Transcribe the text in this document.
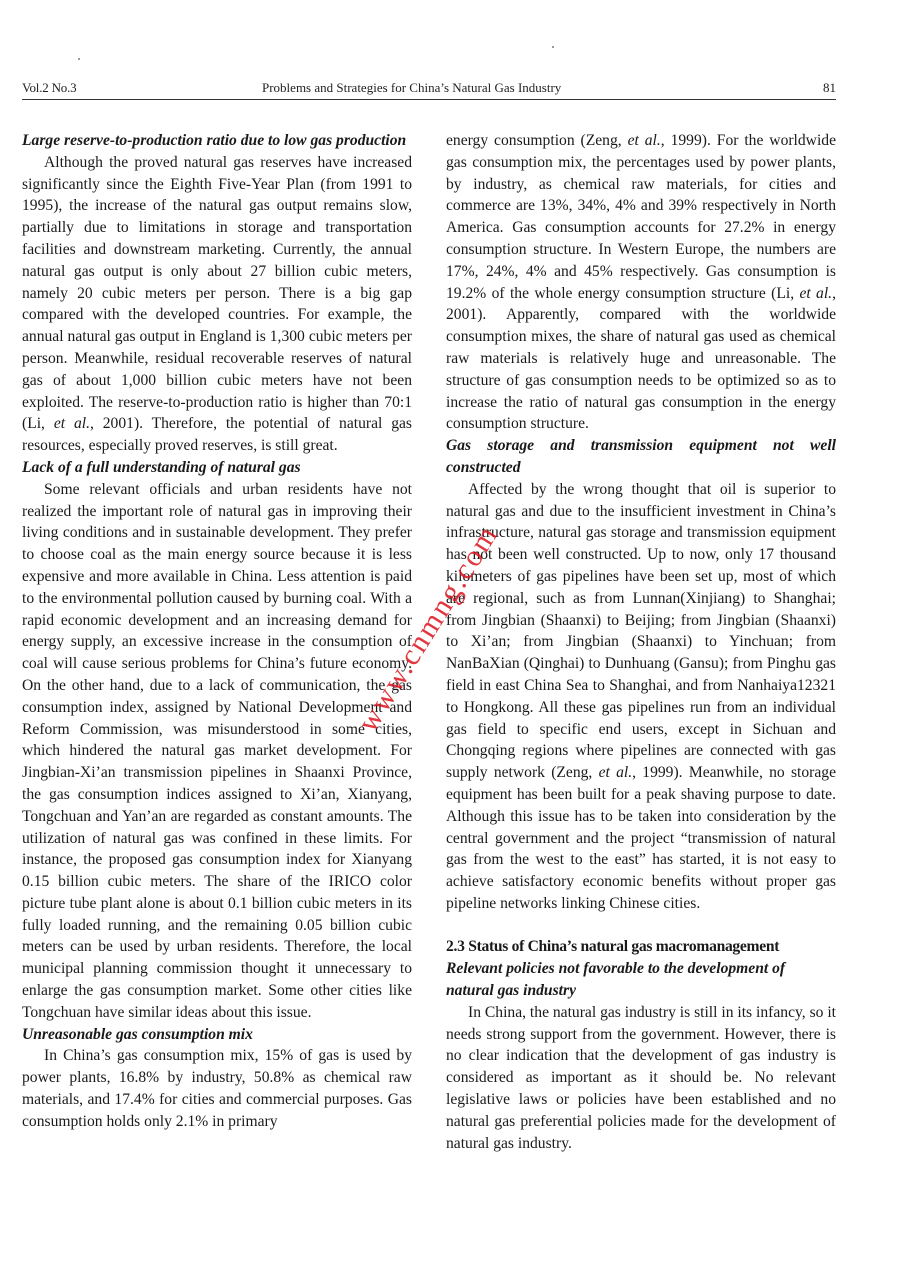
Vol.2 No.3	Problems and Strategies for China’s Natural Gas Industry	81
Large reserve-to-production ratio due to low gas production

Although the proved natural gas reserves have increased significantly since the Eighth Five-Year Plan (from 1991 to 1995), the increase of the natural gas output remains slow, partially due to limitations in storage and transportation facilities and downstream marketing. Currently, the annual natural gas output is only about 27 billion cubic meters, namely 20 cubic meters per person. There is a big gap compared with the developed countries. For example, the annual natural gas output in England is 1,300 cubic meters per person. Meanwhile, residual recoverable reserves of natural gas of about 1,000 billion cubic meters have not been exploited. The reserve-to-production ratio is higher than 70:1 (Li, et al., 2001). Therefore, the potential of natural gas resources, especially proved reserves, is still great.

Lack of a full understanding of natural gas

Some relevant officials and urban residents have not realized the important role of natural gas in improving their living conditions and in sustainable development. They prefer to choose coal as the main energy source because it is less expensive and more available in China. Less attention is paid to the environmental pollution caused by burning coal. With a rapid economic development and an increasing demand for energy supply, an excessive increase in the consumption of coal will cause serious problems for China’s future economy. On the other hand, due to a lack of communication, the gas consumption index, assigned by National Development and Reform Commission, was misunderstood in some cities, which hindered the natural gas market development. For Jingbian-Xi’an transmission pipelines in Shaanxi Province, the gas consumption indices assigned to Xi’an, Xianyang, Tongchuan and Yan’an are regarded as constant amounts. The utilization of natural gas was confined in these limits. For instance, the proposed gas consumption index for Xianyang 0.15 billion cubic meters. The share of the IRICO color picture tube plant alone is about 0.1 billion cubic meters in its fully loaded running, and the remaining 0.05 billion cubic meters can be used by urban residents. Therefore, the local municipal planning commission thought it unnecessary to enlarge the gas consumption market. Some other cities like Tongchuan have similar ideas about this issue.

Unreasonable gas consumption mix

In China’s gas consumption mix, 15% of gas is used by power plants, 16.8% by industry, 50.8% as chemical raw materials, and 17.4% for cities and commercial purposes. Gas consumption holds only 2.1% in primary

energy consumption (Zeng, et al., 1999). For the worldwide gas consumption mix, the percentages used by power plants, by industry, as chemical raw materials, for cities and commerce are 13%, 34%, 4% and 39% respectively in North America. Gas consumption accounts for 27.2% in energy consumption structure. In Western Europe, the numbers are 17%, 24%, 4% and 45% respectively. Gas consumption is 19.2% of the whole energy consumption structure (Li, et al., 2001). Apparently, compared with the worldwide consumption mixes, the share of natural gas used as chemical raw materials is relatively huge and unreasonable. The structure of gas consumption needs to be optimized so as to increase the ratio of natural gas consumption in the energy consumption structure.

Gas storage and transmission equipment not well constructed

Affected by the wrong thought that oil is superior to natural gas and due to the insufficient investment in China’s infrastructure, natural gas storage and transmission equipment has not been well constructed. Up to now, only 17 thousand kilometers of gas pipelines have been set up, most of which are regional, such as from Lunnan(Xinjiang) to Shanghai; from Jingbian (Shaanxi) to Beijing; from Jingbian (Shaanxi) to Xi’an; from Jingbian (Shaanxi) to Yinchuan; from NanBaXian (Qinghai) to Dunhuang (Gansu); from Pinghu gas field in east China Sea to Shanghai, and from Nanhaiya12321 to Hongkong. All these gas pipelines run from an individual gas field to specific end users, except in Sichuan and Chongqing regions where pipelines are connected with gas supply network (Zeng, et al., 1999). Meanwhile, no storage equipment has been built for a peak shaving purpose to date. Although this issue has to be taken into consideration by the central government and the project “transmission of natural gas from the west to the east” has started, it is not easy to achieve satisfactory economic benefits without proper gas pipeline networks linking Chinese cities.

2.3 Status of China’s natural gas macromanagement
Relevant policies not favorable to the development of natural gas industry

In China, the natural gas industry is still in its infancy, so it needs strong support from the government. However, there is no clear indication that the development of gas industry is considered as important as it should be. No relevant legislative laws or policies have been established and no natural gas preferential policies made for the development of natural gas industry.

www.cnmng.com
